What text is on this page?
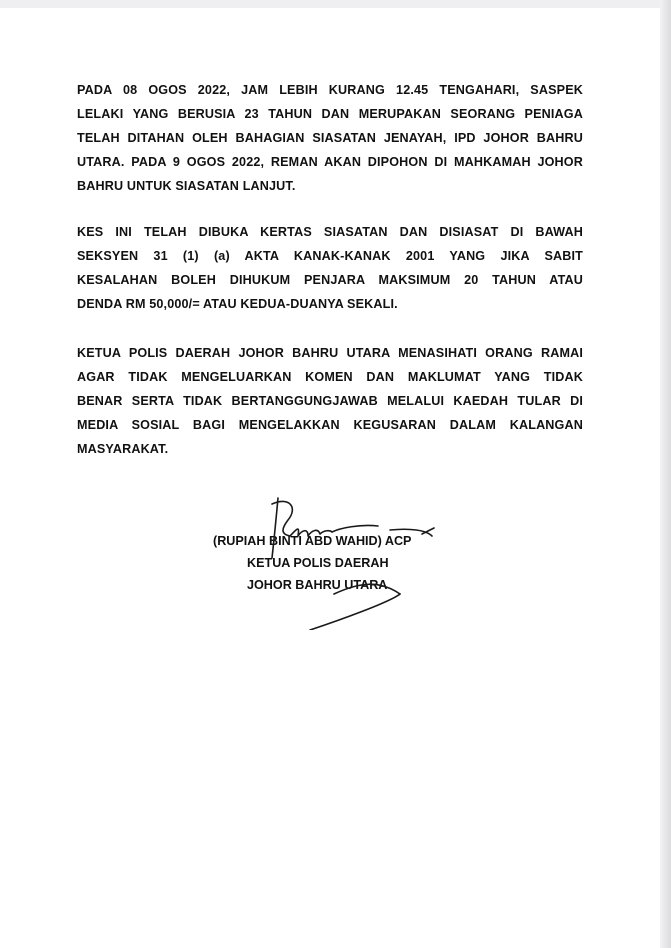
PADA 08 OGOS 2022, JAM LEBIH KURANG 12.45 TENGAHARI, SASPEK
LELAKI YANG BERUSIA 23 TAHUN DAN MERUPAKAN SEORANG PENIAGA
TELAH DITAHAN OLEH BAHAGIAN SIASATAN JENAYAH, IPD JOHOR BAHRU
UTARA. PADA 9 OGOS 2022, REMAN AKAN DIPOHON DI MAHKAMAH JOHOR
BAHRU UNTUK SIASATAN LANJUT.
KES INI TELAH DIBUKA KERTAS SIASATAN DAN DISIASAT DI BAWAH
SEKSYEN 31 (1) (a) AKTA KANAK-KANAK 2001 YANG JIKA SABIT
KESALAHAN BOLEH DIHUKUM PENJARA MAKSIMUM 20 TAHUN ATAU
DENDA RM 50,000/= ATAU KEDUA-DUANYA SEKALI.
KETUA POLIS DAERAH JOHOR BAHRU UTARA MENASIHATI ORANG RAMAI
AGAR TIDAK MENGELUARKAN KOMEN DAN MAKLUMAT YANG TIDAK
BENAR SERTA TIDAK BERTANGGUNGJAWAB MELALUI KAEDAH TULAR DI
MEDIA SOSIAL BAGI MENGELAKKAN KEGUSARAN DALAM KALANGAN
MASYARAKAT.
(RUPIAH BINTI ABD WAHID) ACP
KETUA POLIS DAERAH
JOHOR BAHRU UTARA
